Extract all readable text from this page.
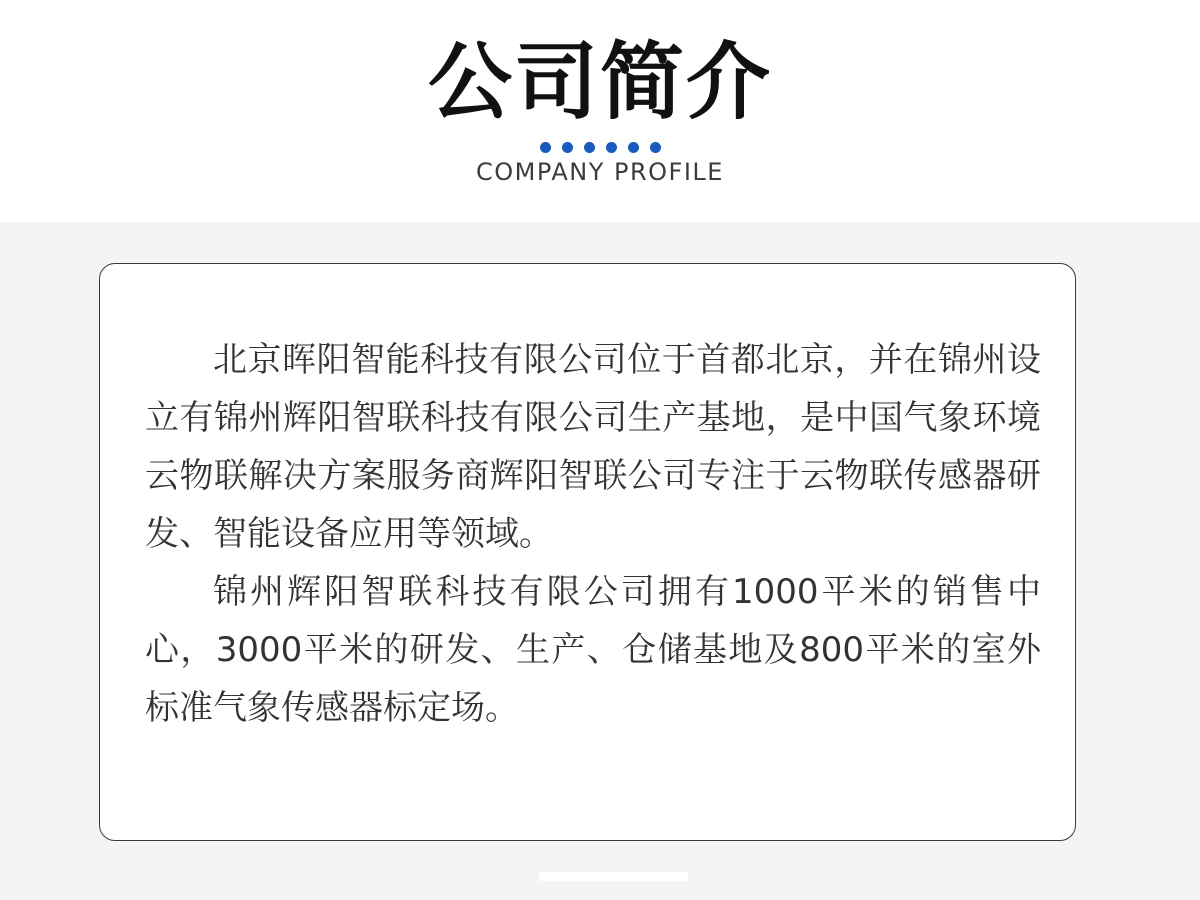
公司简介
COMPANY PROFILE

北京晖阳智能科技有限公司位于首都北京，并在锦州设立有锦州辉阳智联科技有限公司生产基地，是中国气象环境云物联解决方案服务商辉阳智联公司专注于云物联传感器研发、智能设备应用等领域。

锦州辉阳智联科技有限公司拥有1000平米的销售中心，3000平米的研发、生产、仓储基地及800平米的室外标准气象传感器标定场。
